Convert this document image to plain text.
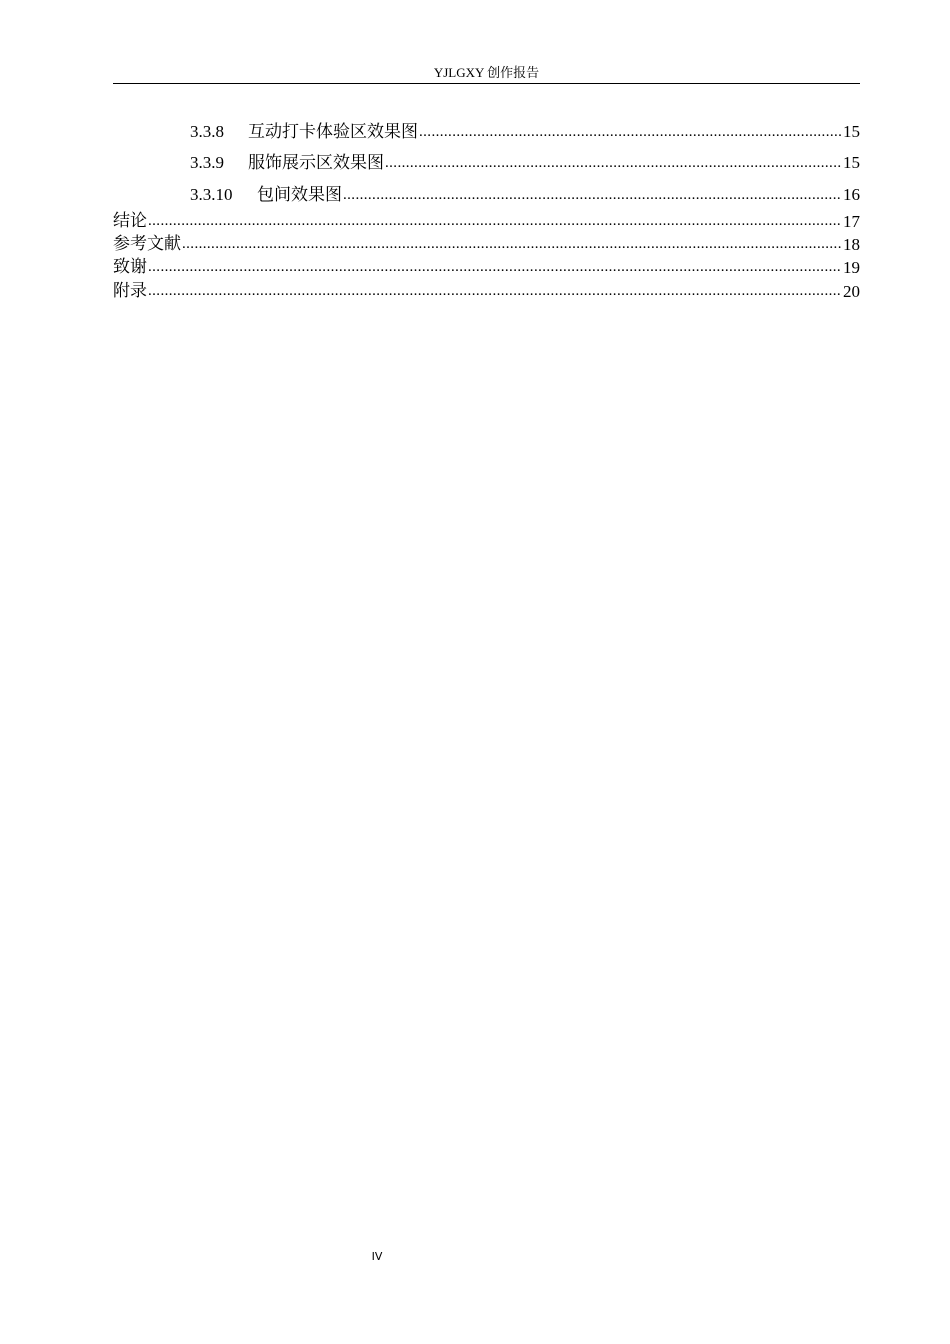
YJLGXY 创作报告
3.3.8	互动打卡体验区效果图 .....	15
3.3.9	服饰展示区效果图 .....	15
3.3.10	包间效果图 .....	16
结论 .....	17
参考文献 .....	18
致谢 .....	19
附录 .....	20
IV
